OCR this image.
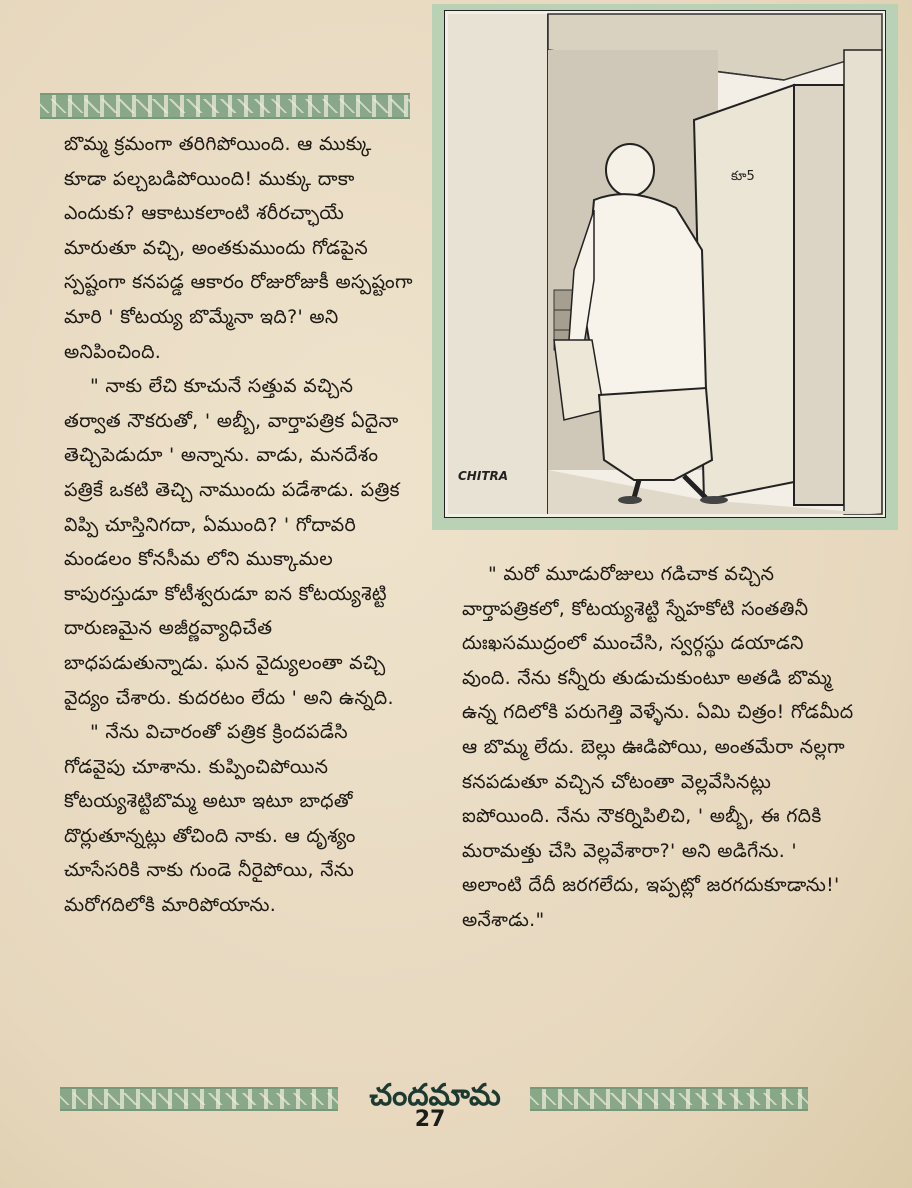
బొమ్మ క్రమంగా తరిగిపోయింది. ఆ ముక్కు కూడా పల్చబడిపోయింది! ముక్కు దాకా ఎందుకు? ఆకాటుకలాంటి శరీరచ్ఛాయే మారుతూ వచ్చి, అంతకుముందు గోడపైన స్పష్టంగా కనపడ్డ ఆకారం రోజురోజుకీ అస్పష్టంగా మారి ' కోటయ్య బొమ్మేనా ఇది?' అని అనిపించింది.

" నాకు లేచి కూచునే సత్తువ వచ్చిన తర్వాత నౌకరుతో, ' అబ్బీ, వార్తాపత్రిక ఏదైనా తెచ్చిపెడుదూ ' అన్నాను. వాడు, మనదేశం పత్రికే ఒకటి తెచ్చి నాముందు పడేశాడు. పత్రిక విప్పి చూస్తినిగదా, ఏముంది? ' గోదావరి మండలం కోనసీమ లోని ముక్కామల కాపురస్తుడూ కోటీశ్వరుడూ ఐన కోటయ్యశెట్టి దారుణమైన అజీర్ణవ్యాధిచేత బాధపడుతున్నాడు. ఘన వైద్యులంతా వచ్చి వైద్యం చేశారు. కుదరటం లేదు ' అని ఉన్నది.

" నేను విచారంతో పత్రిక క్రిందపడేసి గోడవైపు చూశాను. కుప్పించిపోయిన కోటయ్యశెట్టిబొమ్మ అటూ ఇటూ బాధతో దొర్లుతూన్నట్లు తోచింది నాకు. ఆ దృశ్యం చూసేసరికి నాకు గుండె నీరైపోయి, నేను మరోగదిలోకి మారిపోయాను.

కూ5
CHITRA

" మరో మూడురోజులు గడిచాక వచ్చిన వార్తాపత్రికలో, కోటయ్యశెట్టి స్నేహకోటి సంతతినీ దుఃఖసముద్రంలో ముంచేసి, స్వర్గస్థు డయాడని వుంది. నేను కన్నీరు తుడుచుకుంటూ అతడి బొమ్మ ఉన్న గదిలోకి పరుగెత్తి వెళ్ళేను. ఏమి చిత్రం! గోడమీద ఆ బొమ్మ లేదు. బెల్లు ఊడిపోయి, అంతమేరా నల్లగా కనపడుతూ వచ్చిన చోటంతా వెల్లవేసినట్లు ఐపోయింది. నేను నౌకర్నిపిలిచి, ' అబ్బీ, ఈ గదికి మరామత్తు చేసి వెల్లవేశారా?' అని అడిగేను. ' అలాంటి దేదీ జరగలేదు, ఇప్పట్లో జరగదుకూడాను!' అనేశాడు."

చందమామ
27
